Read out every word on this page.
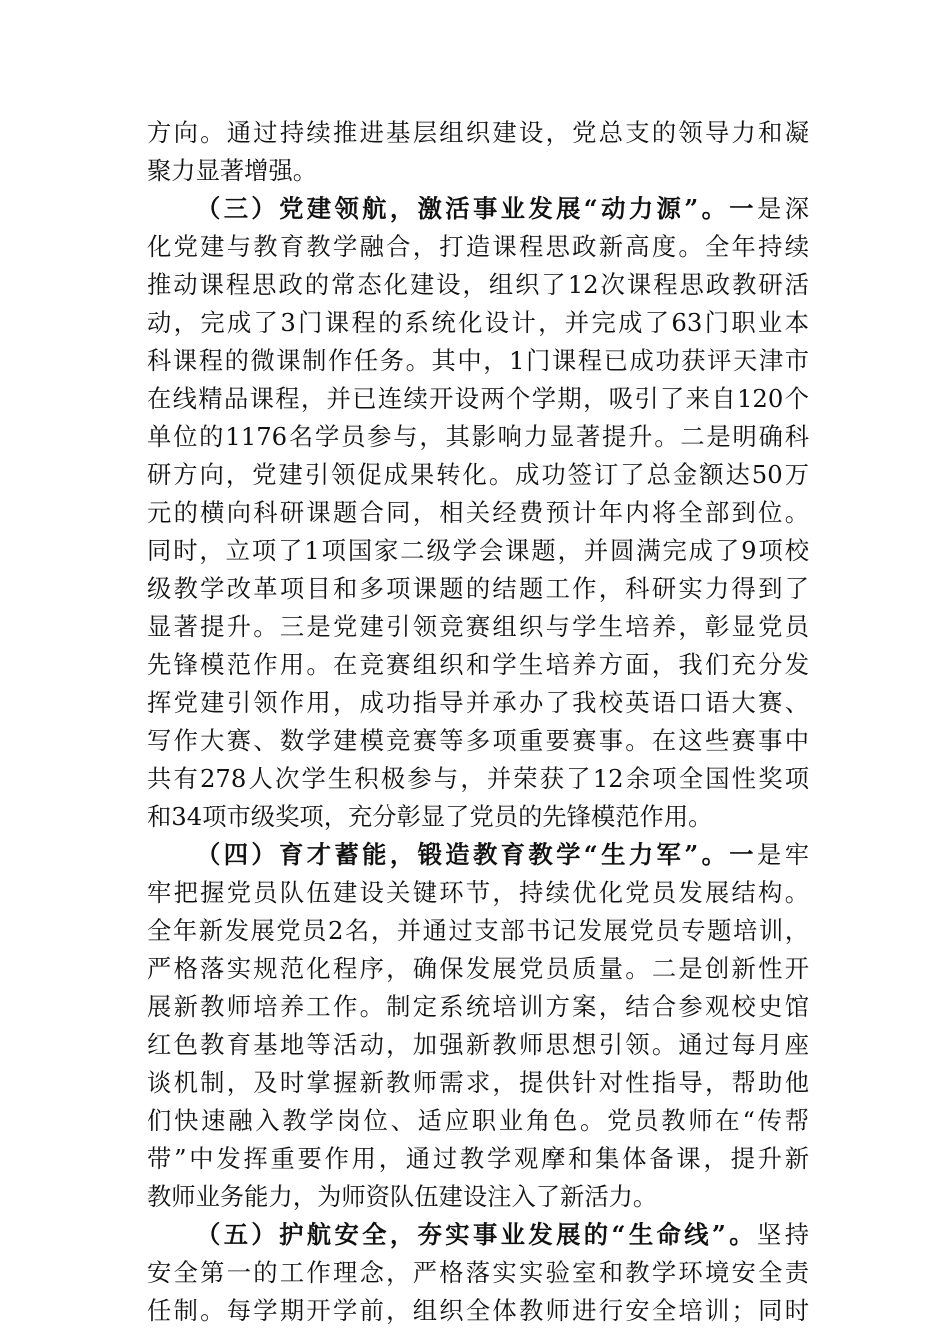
方向。通过持续推进基层组织建设，党总支的领导力和凝
聚力显著增强。
（三）党建领航，激活事业发展“动力源”。一是深
化党建与教育教学融合，打造课程思政新高度。全年持续
推动课程思政的常态化建设，组织了12次课程思政教研活
动，完成了3门课程的系统化设计，并完成了63门职业本
科课程的微课制作任务。其中，1门课程已成功获评天津市
在线精品课程，并已连续开设两个学期，吸引了来自120个
单位的1176名学员参与，其影响力显著提升。二是明确科
研方向，党建引领促成果转化。成功签订了总金额达50万
元的横向科研课题合同，相关经费预计年内将全部到位。
同时，立项了1项国家二级学会课题，并圆满完成了9项校
级教学改革项目和多项课题的结题工作，科研实力得到了
显著提升。三是党建引领竞赛组织与学生培养，彰显党员
先锋模范作用。在竞赛组织和学生培养方面，我们充分发
挥党建引领作用，成功指导并承办了我校英语口语大赛、
写作大赛、数学建模竞赛等多项重要赛事。在这些赛事中
共有278人次学生积极参与，并荣获了12余项全国性奖项
和34项市级奖项，充分彰显了党员的先锋模范作用。
（四）育才蓄能，锻造教育教学“生力军”。一是牢
牢把握党员队伍建设关键环节，持续优化党员发展结构。
全年新发展党员2名，并通过支部书记发展党员专题培训，
严格落实规范化程序，确保发展党员质量。二是创新性开
展新教师培养工作。制定系统培训方案，结合参观校史馆
红色教育基地等活动，加强新教师思想引领。通过每月座
谈机制，及时掌握新教师需求，提供针对性指导，帮助他
们快速融入教学岗位、适应职业角色。党员教师在“传帮
带”中发挥重要作用，通过教学观摩和集体备课，提升新
教师业务能力，为师资队伍建设注入了新活力。
（五）护航安全，夯实事业发展的“生命线”。坚持
安全第一的工作理念，严格落实实验室和教学环境安全责
任制。每学期开学前，组织全体教师进行安全培训；同时
